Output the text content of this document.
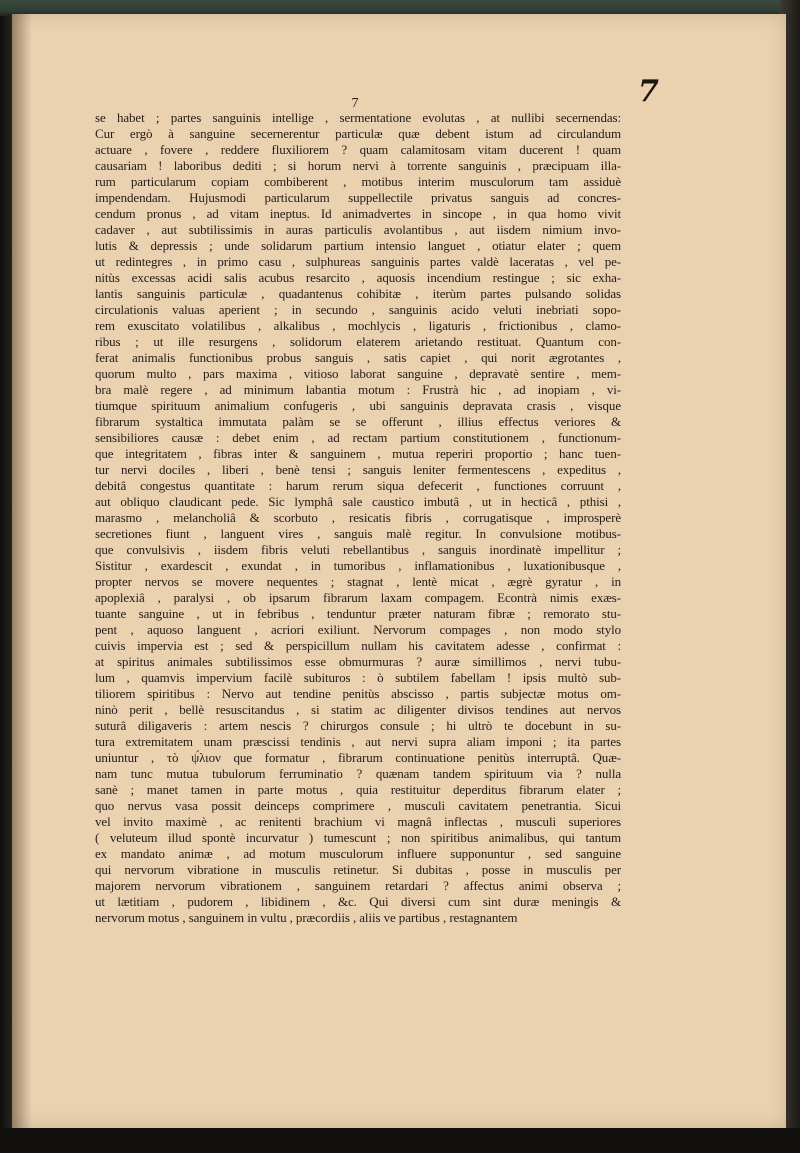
7
7
se habet ; partes sanguinis intellige , sermentatione evolutas , at nullibi secernendas:
Cur ergò à sanguine secernerentur particulæ quæ debent istum ad circulandum
actuare , fovere , reddere fluxiliorem ? quam calamitosam vitam ducerent ! quam
causariam ! laboribus dediti ; si horum nervi à torrente sanguinis , præcipuam illa-
rum particularum copiam combiberent , motibus interim musculorum tam assiduè
impendendam. Hujusmodi particularum suppellectile privatus sanguis ad concres-
cendum pronus , ad vitam ineptus. Id animadvertes in sincope , in qua homo vivit
cadaver , aut subtilissimis in auras particulis avolantibus , aut iisdem nimium invo-
lutis & depressis ; unde solidarum partium intensio languet , otiatur elater ; quem
ut redintegres , in primo casu , sulphureas sanguinis partes valdè laceratas , vel pe-
nitùs excessas acidi salis acubus resarcito , aquosis incendium restingue ; sic exha-
lantis sanguinis particulæ , quadantenus cohibitæ , iterùm partes pulsando solidas
circulationis valuas aperient ; in secundo , sanguinis acido veluti inebriati sopo-
rem exuscitato volatilibus , alkalibus , mochlycis , ligaturis , frictionibus , clamo-
ribus ; ut ille resurgens , solidorum elaterem arietando restituat. Quantum con-
ferat animalis functionibus probus sanguis , satis capiet , qui norit ægrotantes ,
quorum multo , pars maxima , vitioso laborat sanguine , depravatè sentire , mem-
bra malè regere , ad minimum labantia motum : Frustrà hic , ad inopiam , vi-
tiumque spirituum animalium confugeris , ubi sanguinis depravata crasis , visque
fibrarum systaltica immutata palàm se se offerunt , illius effectus veriores &
sensibiliores causæ : debet enim , ad rectam partium constitutionem , functionum-
que integritatem , fibras inter & sanguinem , mutua reperiri proportio ; hanc tuen-
tur nervi dociles , liberi , benè tensi ; sanguis leniter fermentescens , expeditus ,
debitâ congestus quantitate : harum rerum siqua defecerit , functiones corruunt ,
aut obliquo claudicant pede. Sic lymphâ sale caustico imbutâ , ut in hecticâ , pthisi ,
marasmo , melancholiâ & scorbuto , resicatis fibris , corrugatisque , improsperè
secretiones fiunt , languent vires , sanguis malè regitur. In convulsione motibus-
que convulsivis , iisdem fibris veluti rebellantibus , sanguis inordinatè impellitur ;
Sistitur , exardescit , exundat , in tumoribus , inflamationibus , luxationibusque ,
propter nervos se movere nequentes ; stagnat , lentè micat , ægrè gyratur , in
apoplexiâ , paralysi , ob ipsarum fibrarum laxam compagem. Econtrà nimis exæs-
tuante sanguine , ut in febribus , tenduntur præter naturam fibræ ; remorato stu-
pent , aquoso languent , acriori exiliunt. Nervorum compages , non modo stylo
cuivis impervia est ; sed & perspicillum nullam his cavitatem adesse , confirmat :
at spiritus animales subtilissimos esse obmurmuras ? auræ simillimos , nervi tubu-
lum , quamvis impervium facilè subituros : ò subtilem fabellam ! ipsis multò sub-
tiliorem spiritibus : Nervo aut tendine penitùs abscisso , partis subjectæ motus om-
ninò perit , bellè resuscitandus , si statim ac diligenter divisos tendines aut nervos
suturâ diligaveris : artem nescis ? chirurgos consule ; hi ultrò te docebunt in su-
tura extremitatem unam præscissi tendinis , aut nervi supra aliam imponi ; ita partes
uniuntur , τὸ ψ́λιον que formatur , fibrarum continuatione penitùs interruptâ. Quæ-
nam tunc mutua tubulorum ferruminatio ? quænam tandem spirituum via ? nulla
sanè ; manet tamen in parte motus , quia restituitur deperditus fibrarum elater ;
quo nervus vasa possit deinceps comprimere , musculi cavitatem penetrantia. Sicui
vel invito maximè , ac renitenti brachium vi magnâ inflectas , musculi superiores
( veluteum illud spontè incurvatur ) tumescunt ; non spiritibus animalibus, qui tantum
ex mandato animæ , ad motum musculorum influere supponuntur , sed sanguine
qui nervorum vibratione in musculis retinetur. Si dubitas , posse in musculis per
majorem nervorum vibrationem , sanguinem retardari ? affectus animi observa ;
ut lætitiam , pudorem , libidinem , &c. Qui diversi cum sint duræ meningis &
nervorum motus , sanguinem in vultu , præcordiis , aliis ve partibus , restagnantem
